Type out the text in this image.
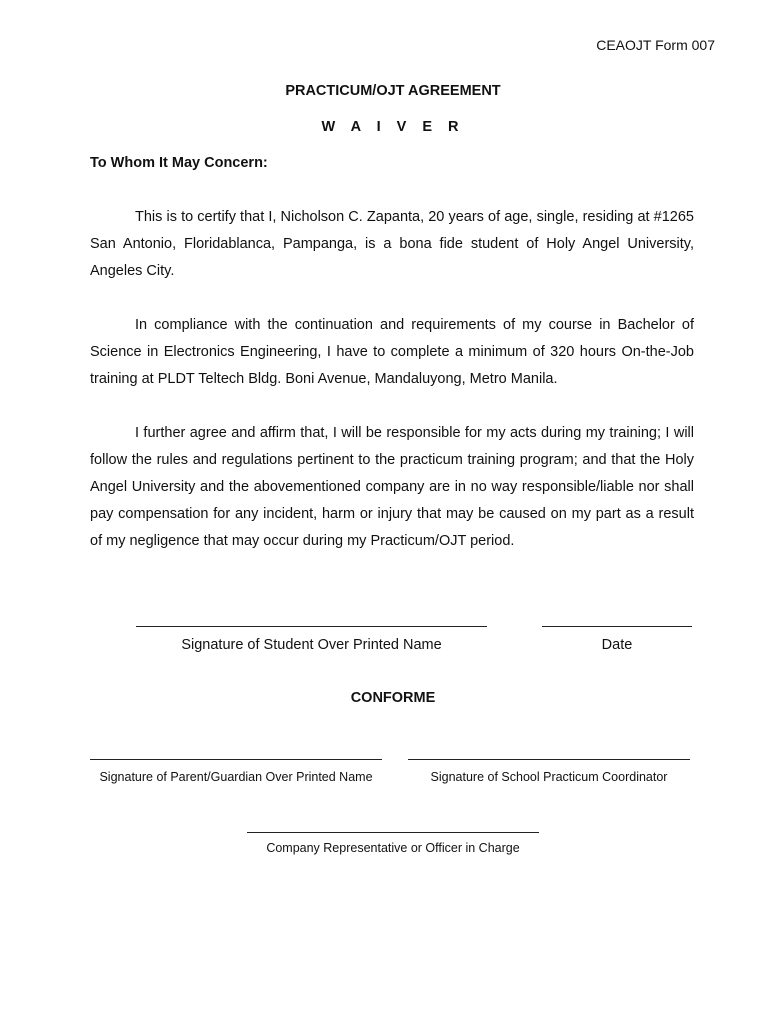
CEAOJT Form 007
PRACTICUM/OJT AGREEMENT
W A I V E R
To Whom It May Concern:

This is to certify that I, Nicholson C. Zapanta, 20 years of age, single, residing at #1265 San Antonio, Floridablanca, Pampanga, is a bona fide student of Holy Angel University, Angeles City.

In compliance with the continuation and requirements of my course in Bachelor of Science in Electronics Engineering, I have to complete a minimum of 320 hours On-the-Job training at PLDT Teltech Bldg. Boni Avenue, Mandaluyong, Metro Manila.

I further agree and affirm that, I will be responsible for my acts during my training; I will follow the rules and regulations pertinent to the practicum training program; and that the Holy Angel University and the abovementioned company are in no way responsible/liable nor shall pay compensation for any incident, harm or injury that may be caused on my part as a result of my negligence that may occur during my Practicum/OJT period.

Signature of Student Over Printed Name	Date
CONFORME
Signature of Parent/Guardian Over Printed Name	Signature of School Practicum Coordinator
Company Representative or Officer in Charge
